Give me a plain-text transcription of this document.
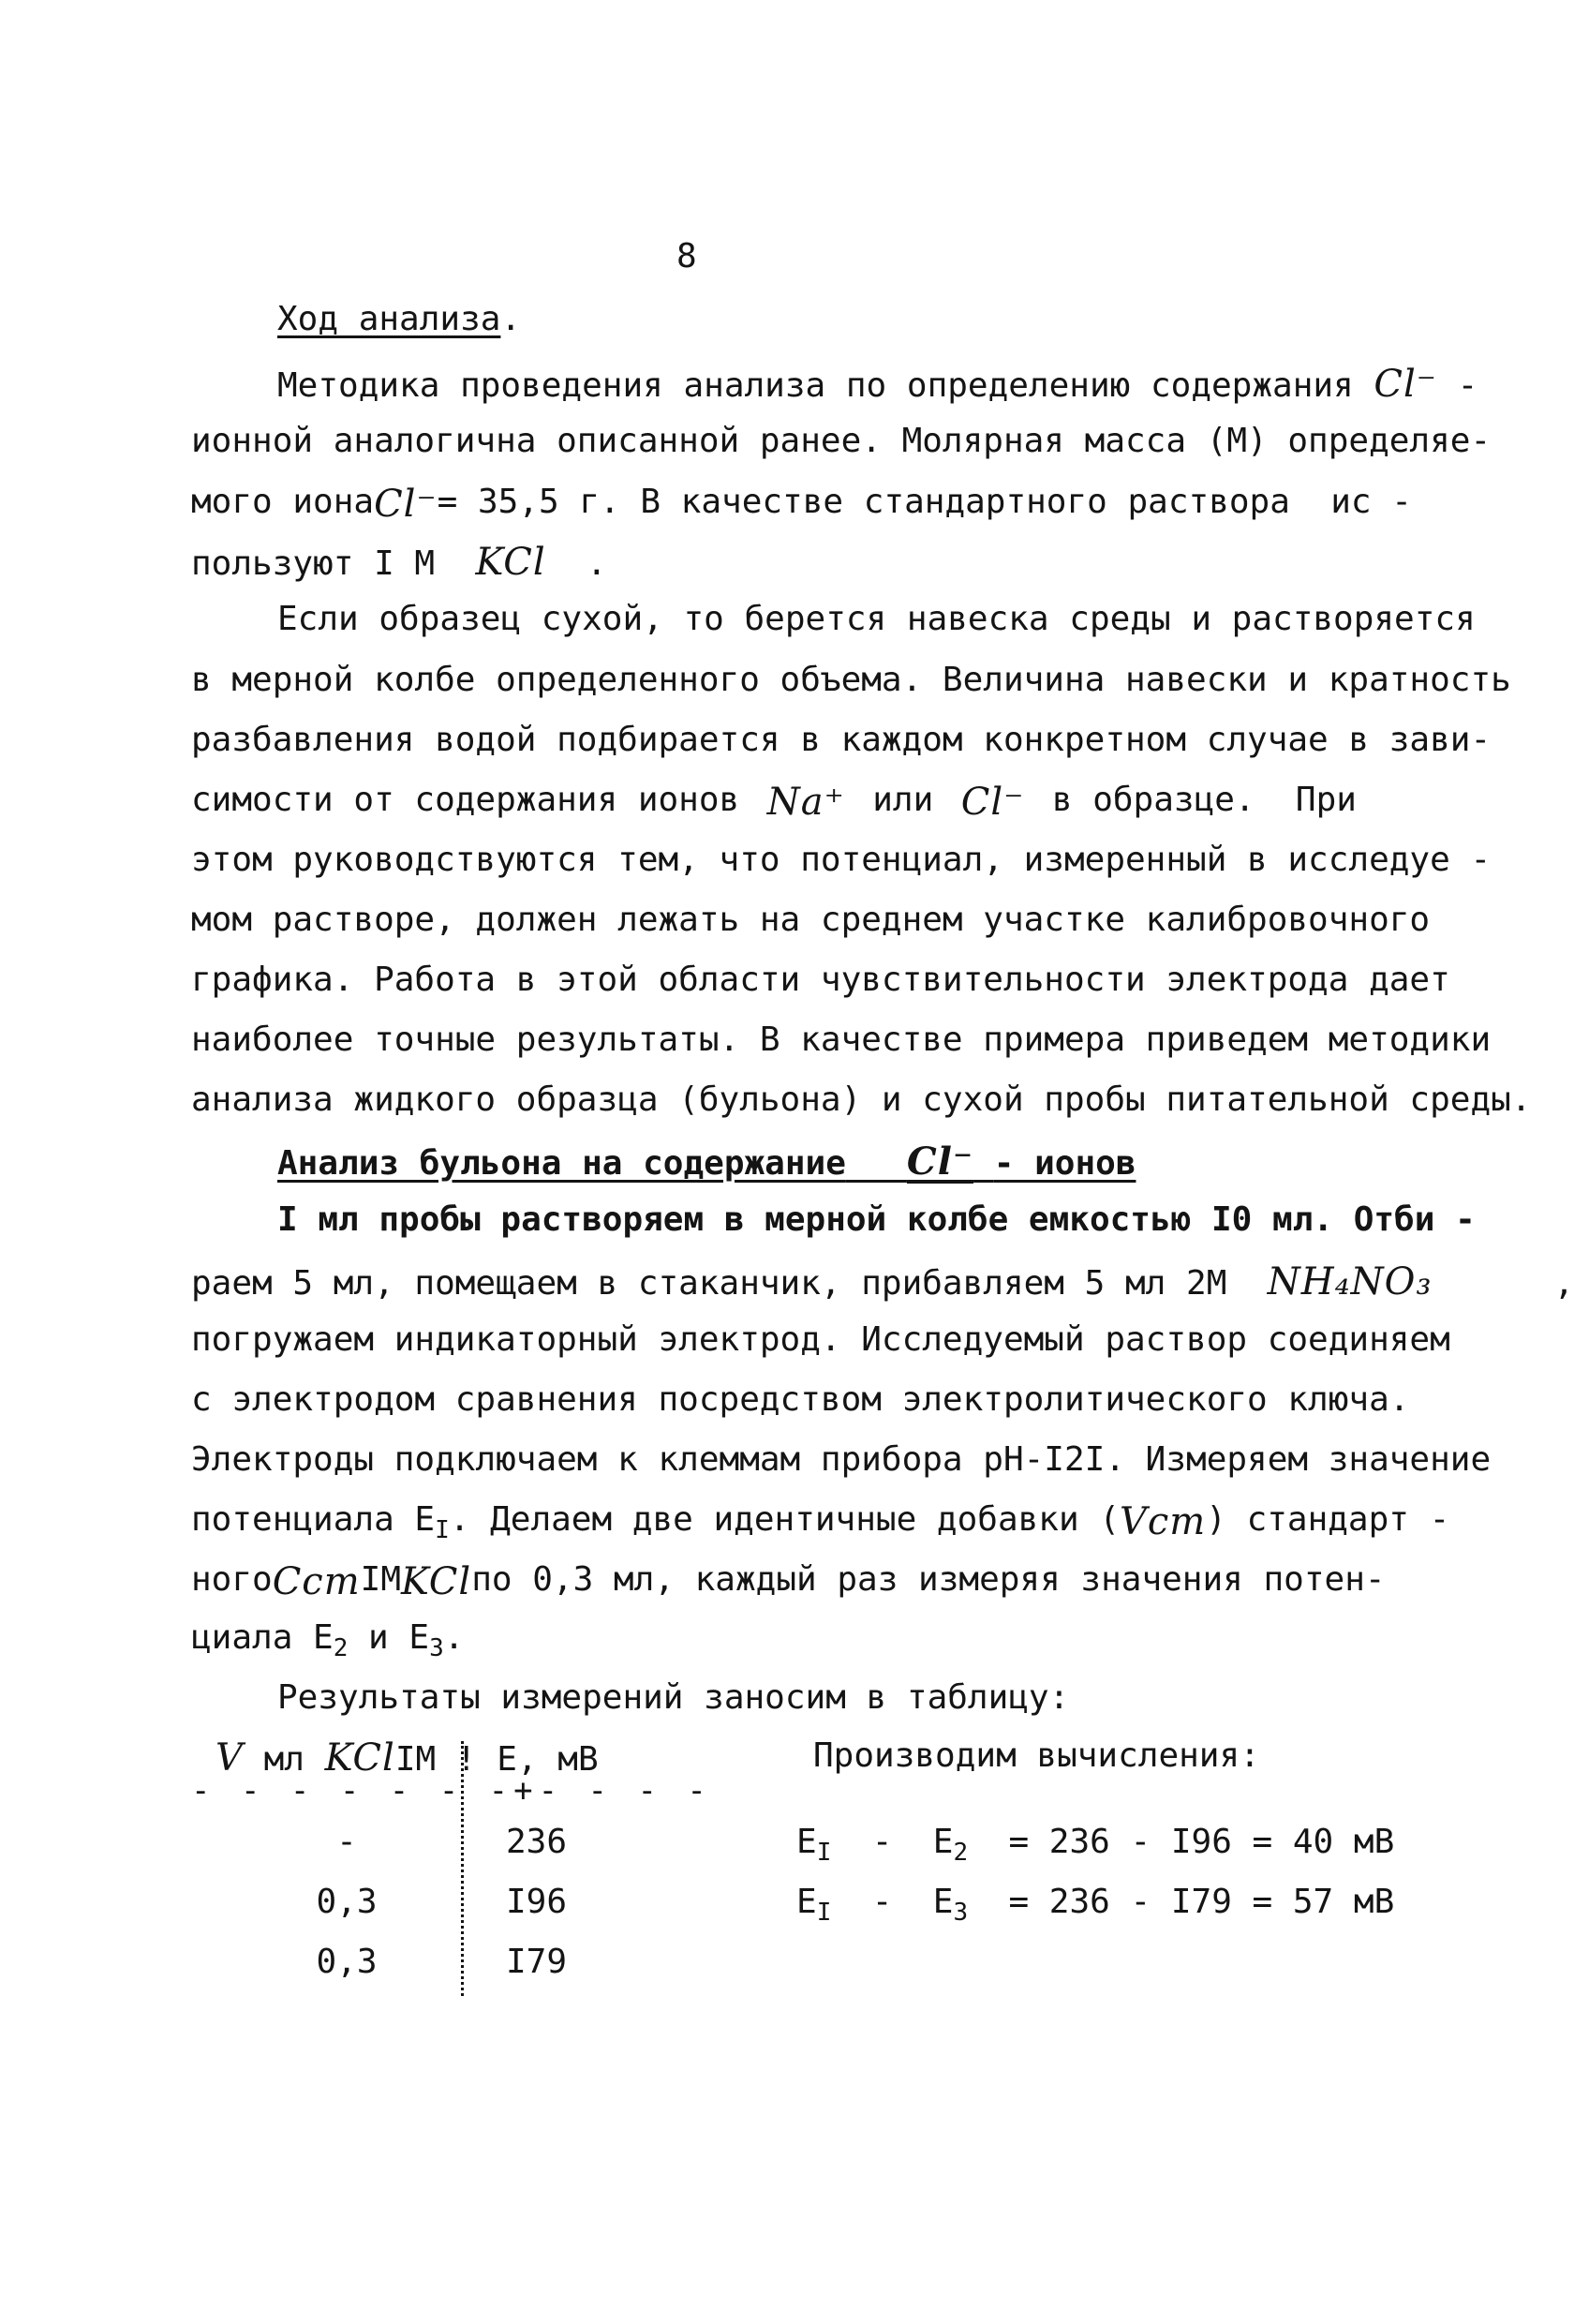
8
Ход анализа.
Методика проведения анализа по определению содержания Cl⁻ -
ионной аналогична описанной ранее. Молярная масса (М) определяе-
мого иона Cl⁻ = 35,5 г. В качестве стандартного раствора  ис -
пользуют I М KCl .
Если образец сухой, то берется навеска среды и растворяется
в мерной колбе определенного объема. Величина навески и кратность
разбавления водой подбирается в каждом конкретном случае в зави-
симости от содержания ионов Na⁺ или Cl⁻ в образце.  При
этом руководствуются тем, что потенциал, измеренный в исследуе -
мом растворе, должен лежать на среднем участке калибровочного
графика. Работа в этой области чувствительности электрода дает
наиболее точные результаты. В качестве примера приведем методики
анализа жидкого образца (бульона) и сухой пробы питательной среды.
Анализ бульона на содержание Cl⁻ - ионов
I мл пробы растворяем в мерной колбе емкостью I0 мл. Отби -
раем 5 мл, помещаем в стаканчик, прибавляем 5 мл 2М NH₄NO₃	,
погружаем индикаторный электрод. Исследуемый раствор соединяем
с электродом сравнения посредством электролитического ключа.
Электроды подключаем к клеммам прибора рН-I2I. Измеряем значение
потенциала $E_I$. Делаем две идентичные добавки ( Vст ) стандарт -
ного Cст IМ KCl по 0,3 мл, каждый раз измеряя значения потен-
циала $E_2$ и $E_3$.
Результаты измерений заносим в таблицу:
V мл KClIМ ! E, мВ
- - - - - - -+- - - -
-	236
0,3	I96
0,3	I79
Производим вычисления:
$E_I - E_2 = 236 - I96 = 40$ мВ
$E_I - E_3 = 236 - I79 = 57$ мВ
